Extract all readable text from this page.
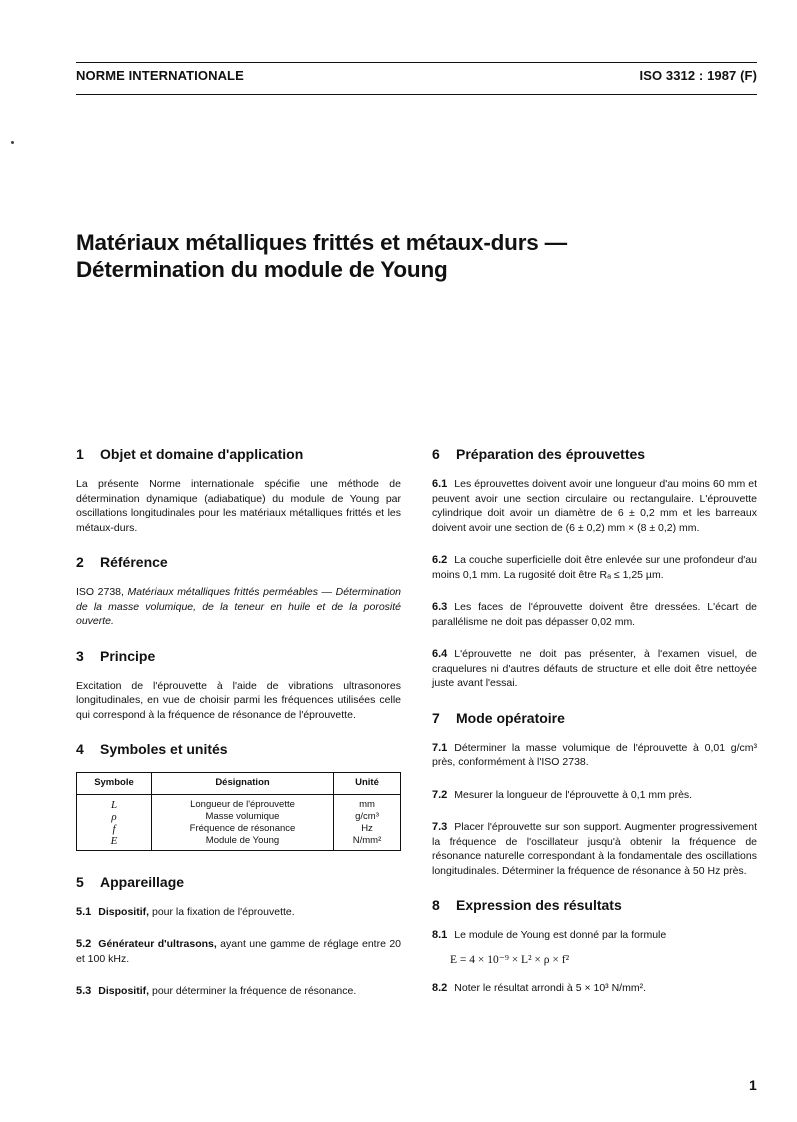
NORME INTERNATIONALE	ISO 3312 : 1987 (F)
Matériaux métalliques frittés et métaux-durs —
Détermination du module de Young
1 Objet et domaine d'application

La présente Norme internationale spécifie une méthode de détermination dynamique (adiabatique) du module de Young par oscillations longitudinales pour les matériaux métalliques frittés et les métaux-durs.

2 Référence

ISO 2738, Matériaux métalliques frittés perméables — Détermination de la masse volumique, de la teneur en huile et de la porosité ouverte.

3 Principe

Excitation de l'éprouvette à l'aide de vibrations ultrasonores longitudinales, en vue de choisir parmi les fréquences utilisées celle qui correspond à la fréquence de résonance de l'éprouvette.

4 Symboles et unités
Symbole	Désignation	Unité
L	Longueur de l'éprouvette	mm
ρ	Masse volumique	g/cm³
f	Fréquence de résonance	Hz
E	Module de Young	N/mm²
5 Appareillage

5.1 Dispositif, pour la fixation de l'éprouvette.

5.2 Générateur d'ultrasons, ayant une gamme de réglage entre 20 et 100 kHz.

5.3 Dispositif, pour déterminer la fréquence de résonance.

6 Préparation des éprouvettes

6.1 Les éprouvettes doivent avoir une longueur d'au moins 60 mm et peuvent avoir une section circulaire ou rectangulaire. L'éprouvette cylindrique doit avoir un diamètre de 6 ± 0,2 mm et les barreaux doivent avoir une section de (6 ± 0,2) mm × (8 ± 0,2) mm.

6.2 La couche superficielle doit être enlevée sur une profondeur d'au moins 0,1 mm. La rugosité doit être Rₐ ≤ 1,25 µm.

6.3 Les faces de l'éprouvette doivent être dressées. L'écart de parallélisme ne doit pas dépasser 0,02 mm.

6.4 L'éprouvette ne doit pas présenter, à l'examen visuel, de craquelures ni d'autres défauts de structure et elle doit être nettoyée juste avant l'essai.

7 Mode opératoire

7.1 Déterminer la masse volumique de l'éprouvette à 0,01 g/cm³ près, conformément à l'ISO 2738.

7.2 Mesurer la longueur de l'éprouvette à 0,1 mm près.

7.3 Placer l'éprouvette sur son support. Augmenter progressivement la fréquence de l'oscillateur jusqu'à obtenir la fréquence de résonance naturelle correspondant à la fondamentale des oscillations longitudinales. Déterminer la fréquence de résonance à 50 Hz près.

8 Expression des résultats

8.1 Le module de Young est donné par la formule

E = 4 × 10⁻⁹ × L² × ρ × f²

8.2 Noter le résultat arrondi à 5 × 10³ N/mm².

1
